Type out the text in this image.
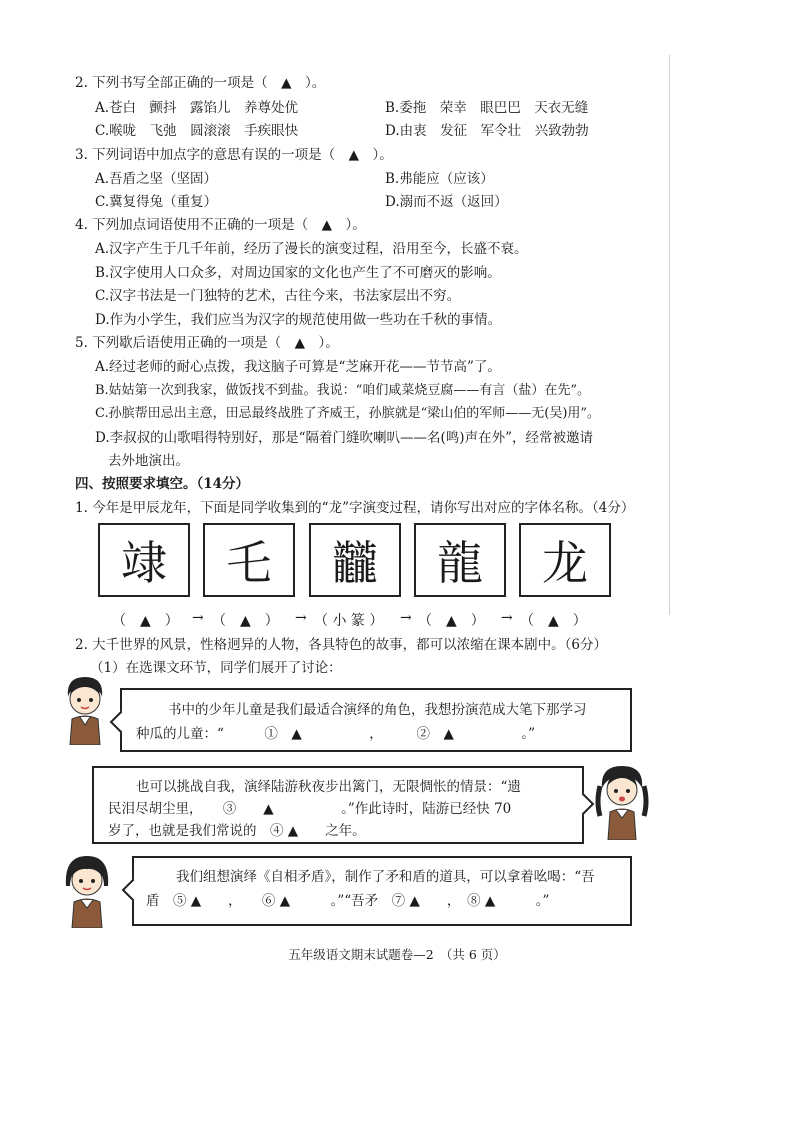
2. 下列书写全部正确的一项是（　▲　）。
A.苍白　颤抖　露馅儿　养尊处优	B.委拖　荣幸　眼巴巴　天衣无缝
C.喉咙　飞弛　圆滚滚　手疾眼快	D.由衷　发征　军令壮　兴致勃勃
3. 下列词语中加点字的意思有误的一项是（　▲　）。
A.吾盾之坚（坚固）	B.弗能应（应该）
C.冀复得兔（重复）	D.溺而不返（返回）
4. 下列加点词语使用不正确的一项是（　▲　）。
A.汉字产生于几千年前，经历了漫长的演变过程，沿用至今，长盛不衰。
B.汉字使用人口众多，对周边国家的文化也产生了不可磨灭的影响。
C.汉字书法是一门独特的艺术，古往今来，书法家层出不穷。
D.作为小学生，我们应当为汉字的规范使用做一些功在千秋的事情。
5. 下列歇后语使用正确的一项是（　▲　）。
A.经过老师的耐心点拨，我这脑子可算是“芝麻开花——节节高”了。
B.姑姑第一次到我家，做饭找不到盐。我说：“咱们咸菜烧豆腐——有言（盐）在先”。
C.孙膑帮田忌出主意，田忌最终战胜了齐威王，孙膑就是“梁山伯的军师——无(吴)用”。
D.李叔叔的山歌唱得特别好，那是“隔着门缝吹喇叭——名(鸣)声在外”，经常被邀请
去外地演出。
四、按照要求填空。（14分）
1. 今年是甲辰龙年，下面是同学收集到的“龙”字演变过程，请你写出对应的字体名称。（4分）
䇐 乇 龖 龍 龙
（　▲　） → （　▲　） → （ 小 篆 ） → （　▲　） → （　▲　）
2. 大千世界的风景，性格迥异的人物，各具特色的故事，都可以浓缩在课本剧中。（6分）
（1）在选课文环节，同学们展开了讨论：
书中的少年儿童是我们最适合演绎的角色，我想扮演范成大笔下那学习
种瓜的儿童：“　　　①　▲　　　　　，　　　②　▲　　　　　。”
也可以挑战自我，演绎陆游秋夜步出篱门，无限惆怅的情景：“遗
民泪尽胡尘里，　　③　　▲　　　　　。”作此诗时，陆游已经快 70
岁了，也就是我们常说的　④ ▲　　之年。
我们组想演绎《自相矛盾》，制作了矛和盾的道具，可以拿着吆喝：“吾
盾　⑤ ▲　　，　　⑥ ▲　　　。”“吾矛　⑦ ▲　　，　⑧ ▲　　　。”
五年级语文期末试题卷—2　（共 6 页）
